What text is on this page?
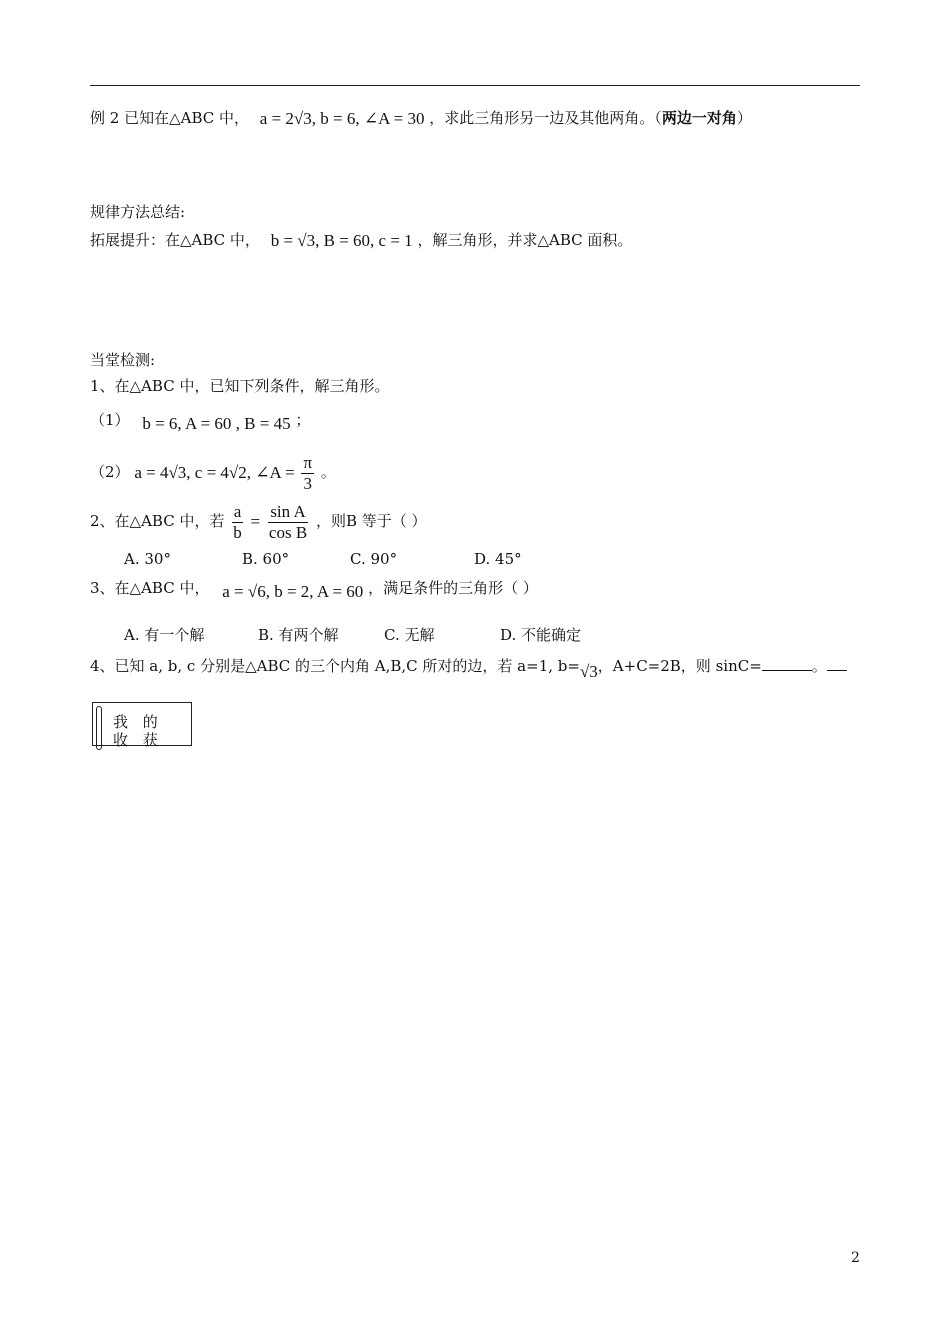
例 2 已知在△ABC 中， a = 2√3, b = 6, ∠A = 30 ，求此三角形另一边及其他两角。（两边一对角）
规律方法总结:
拓展提升：在△ABC 中， b = √3, B = 60, c = 1 ，解三角形，并求△ABC 面积。
当堂检测:
1、在△ABC 中，已知下列条件，解三角形。
（1） b = 6, A = 60 , B = 45 ；
（2） a = 4√3, c = 4√2, ∠A = $\frac{\pi}{3}$ 。
2、在△ABC 中，若 $\frac{a}{b} = \frac{\text{sin A}}{\text{cos B}}$ ，则B 等于（ ）
A. 30°	B. 60°	C. 90°	D. 45°
3、在△ABC 中， a = √6, b = 2, A = 60 ，满足条件的三角形（ ）
A. 有一个解	B. 有两个解	C. 无解	D. 不能确定
4、已知 a, b, c 分别是△ABC 的三个内角 A,B,C 所对的边，若 a=1, b=√3，A+C=2B，则 sinC=	。
我 的 收 获
2
